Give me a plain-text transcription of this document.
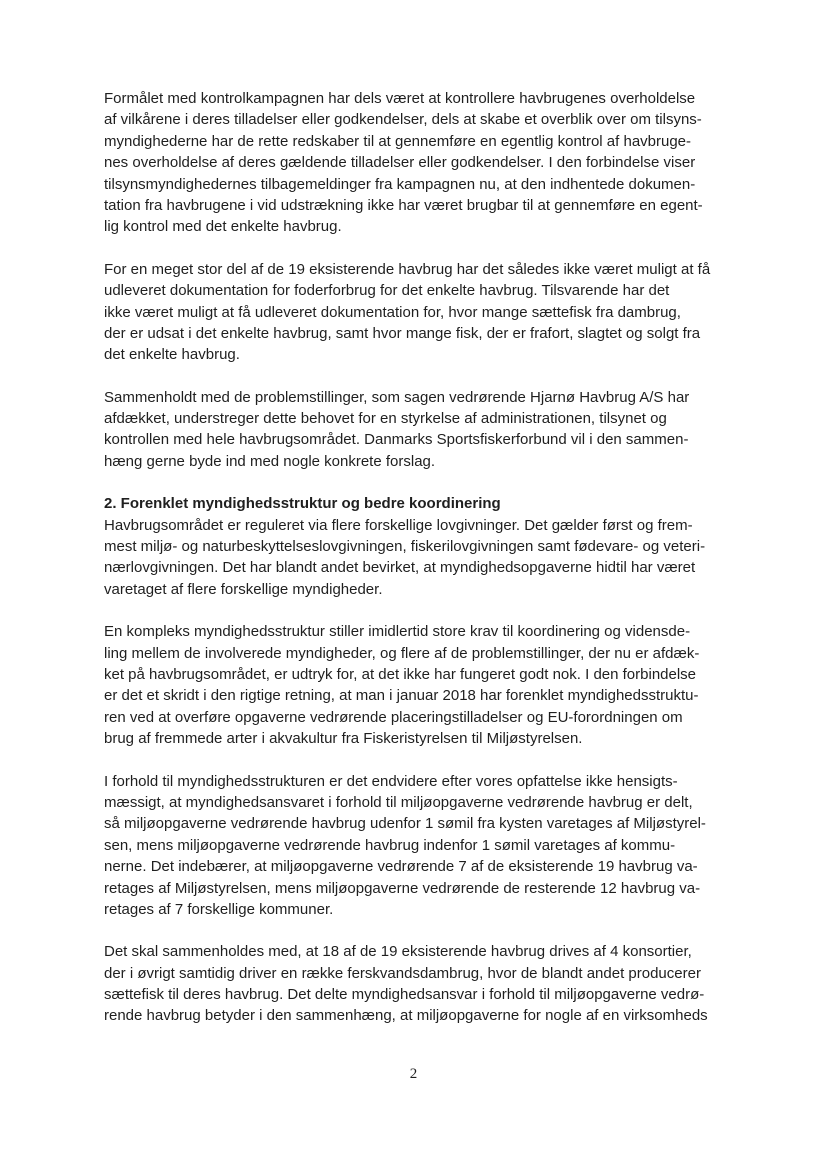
Formålet med kontrolkampagnen har dels været at kontrollere havbrugenes overholdelse
af vilkårene i deres tilladelser eller godkendelser, dels at skabe et overblik over om tilsyns-
myndighederne har de rette redskaber til at gennemføre en egentlig kontrol af havbruge-
nes overholdelse af deres gældende tilladelser eller godkendelser. I den forbindelse viser
tilsynsmyndighedernes tilbagemeldinger fra kampagnen nu, at den indhentede dokumen-
tation fra havbrugene i vid udstrækning ikke har været brugbar til at gennemføre en egent-
lig kontrol med det enkelte havbrug.
For en meget stor del af de 19 eksisterende havbrug har det således ikke været muligt at få
udleveret dokumentation for foderforbrug for det enkelte havbrug. Tilsvarende har det
ikke været muligt at få udleveret dokumentation for, hvor mange sættefisk fra dambrug,
der er udsat i det enkelte havbrug, samt hvor mange fisk, der er frafort, slagtet og solgt fra
det enkelte havbrug.
Sammenholdt med de problemstillinger, som sagen vedrørende Hjarnø Havbrug A/S har
afdækket, understreger dette behovet for en styrkelse af administrationen, tilsynet og
kontrollen med hele havbrugsområdet. Danmarks Sportsfiskerforbund vil i den sammen-
hæng gerne byde ind med nogle konkrete forslag.
2. Forenklet myndighedsstruktur og bedre koordinering
Havbrugsområdet er reguleret via flere forskellige lovgivninger. Det gælder først og frem-
mest miljø- og naturbeskyttelseslovgivningen, fiskerilovgivningen samt fødevare- og veteri-
nærlovgivningen. Det har blandt andet bevirket, at myndighedsopgaverne hidtil har været
varetaget af flere forskellige myndigheder.
En kompleks myndighedsstruktur stiller imidlertid store krav til koordinering og vidensde-
ling mellem de involverede myndigheder, og flere af de problemstillinger, der nu er afdæk-
ket på havbrugsområdet, er udtryk for, at det ikke har fungeret godt nok. I den forbindelse
er det et skridt i den rigtige retning, at man i januar 2018 har forenklet myndighedsstruktu-
ren ved at overføre opgaverne vedrørende placeringstilladelser og EU-forordningen om
brug af fremmede arter i akvakultur fra Fiskeristyrelsen til Miljøstyrelsen.
I forhold til myndighedsstrukturen er det endvidere efter vores opfattelse ikke hensigts-
mæssigt, at myndighedsansvaret i forhold til miljøopgaverne vedrørende havbrug er delt,
så miljøopgaverne vedrørende havbrug udenfor 1 sømil fra kysten varetages af Miljøstyrel-
sen, mens miljøopgaverne vedrørende havbrug indenfor 1 sømil varetages af kommu-
nerne. Det indebærer, at miljøopgaverne vedrørende 7 af de eksisterende 19 havbrug va-
retages af Miljøstyrelsen, mens miljøopgaverne vedrørende de resterende 12 havbrug va-
retages af 7 forskellige kommuner.
Det skal sammenholdes med, at 18 af de 19 eksisterende havbrug drives af 4 konsortier,
der i øvrigt samtidig driver en række ferskvandsdambrug, hvor de blandt andet producerer
sættefisk til deres havbrug. Det delte myndighedsansvar i forhold til miljøopgaverne vedrø-
rende havbrug betyder i den sammenhæng, at miljøopgaverne for nogle af en virksomheds
2
